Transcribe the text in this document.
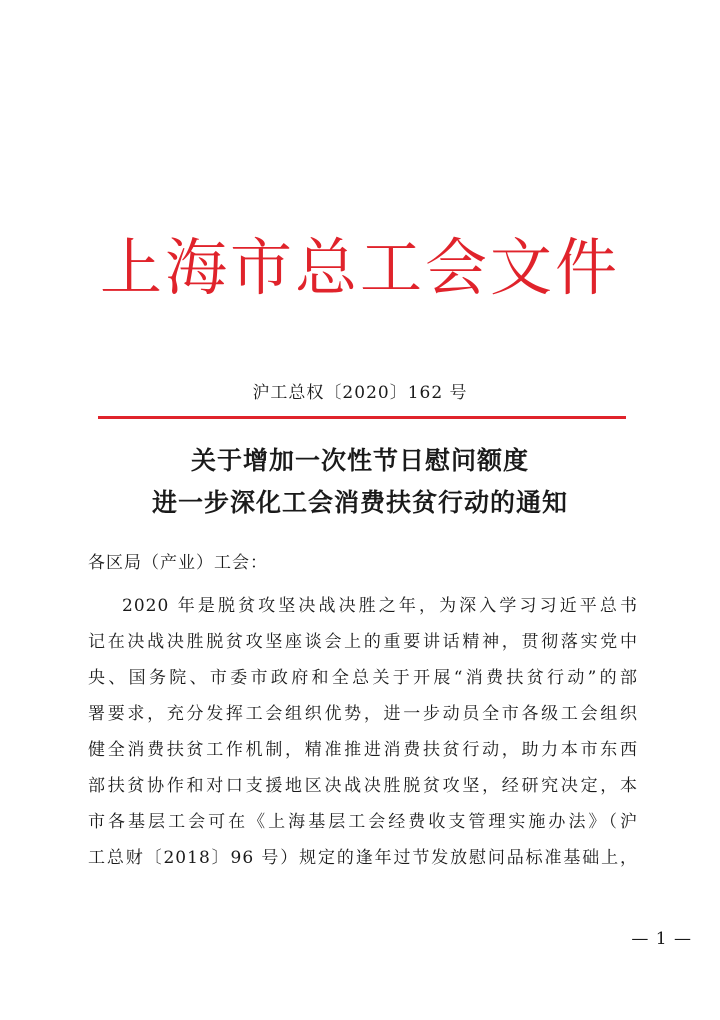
上海市总工会文件
沪工总权〔2020〕162 号
关于增加一次性节日慰问额度
进一步深化工会消费扶贫行动的通知
各区局（产业）工会：
2020 年是脱贫攻坚决战决胜之年，为深入学习习近平总书
记在决战决胜脱贫攻坚座谈会上的重要讲话精神，贯彻落实党中
央、国务院、市委市政府和全总关于开展“消费扶贫行动”的部
署要求，充分发挥工会组织优势，进一步动员全市各级工会组织
健全消费扶贫工作机制，精准推进消费扶贫行动，助力本市东西
部扶贫协作和对口支援地区决战决胜脱贫攻坚，经研究决定，本
市各基层工会可在《上海基层工会经费收支管理实施办法》（沪
工总财〔2018〕96 号）规定的逢年过节发放慰问品标准基础上，
— 1 —
